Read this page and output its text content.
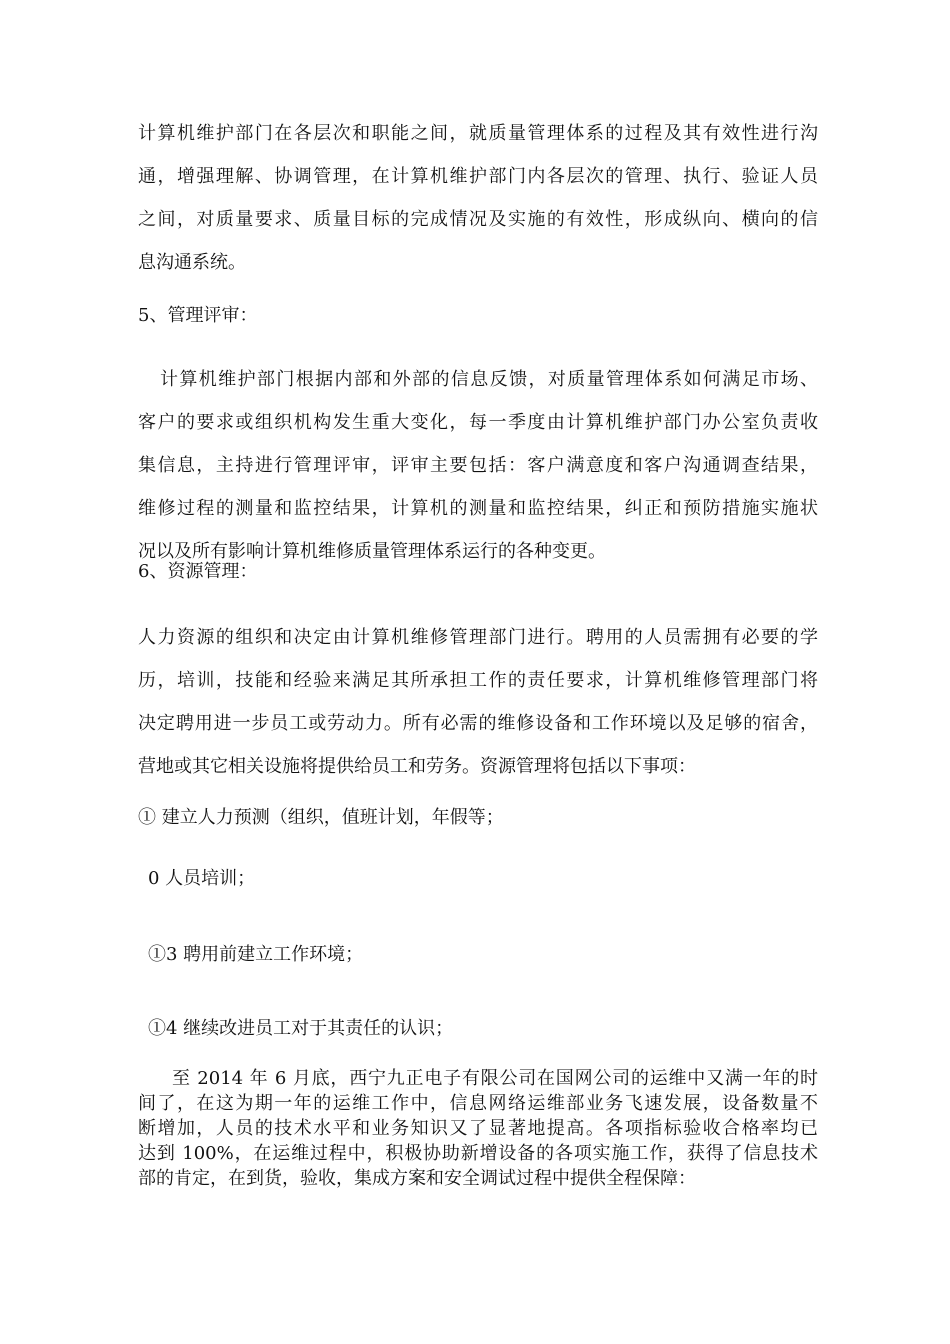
计算机维护部门在各层次和职能之间，就质量管理体系的过程及其有效性进行沟
通，增强理解、协调管理，在计算机维护部门内各层次的管理、执行、验证人员
之间，对质量要求、质量目标的完成情况及实施的有效性，形成纵向、横向的信
息沟通系统。
5、管理评审：
计算机维护部门根据内部和外部的信息反馈，对质量管理体系如何满足市场、
客户的要求或组织机构发生重大变化，每一季度由计算机维护部门办公室负责收
集信息，主持进行管理评审，评审主要包括：客户满意度和客户沟通调查结果，
维修过程的测量和监控结果，计算机的测量和监控结果，纠正和预防措施实施状
况以及所有影响计算机维修质量管理体系运行的各种变更。
6、资源管理：
人力资源的组织和决定由计算机维修管理部门进行。聘用的人员需拥有必要的学
历，培训，技能和经验来满足其所承担工作的责任要求，计算机维修管理部门将
决定聘用进一步员工或劳动力。所有必需的维修设备和工作环境以及足够的宿舍，
营地或其它相关设施将提供给员工和劳务。资源管理将包括以下事项：
① 建立人力预测（组织，值班计划，年假等；
0 人员培训；
①3 聘用前建立工作环境；
①4 继续改进员工对于其责任的认识；
至 2014 年 6 月底，西宁九正电子有限公司在国网公司的运维中又满一年的时
间了，在这为期一年的运维工作中，信息网络运维部业务飞速发展，设备数量不
断增加，人员的技术水平和业务知识又了显著地提高。各项指标验收合格率均已
达到 100%，在运维过程中，积极协助新增设备的各项实施工作，获得了信息技术
部的肯定，在到货，验收，集成方案和安全调试过程中提供全程保障：
